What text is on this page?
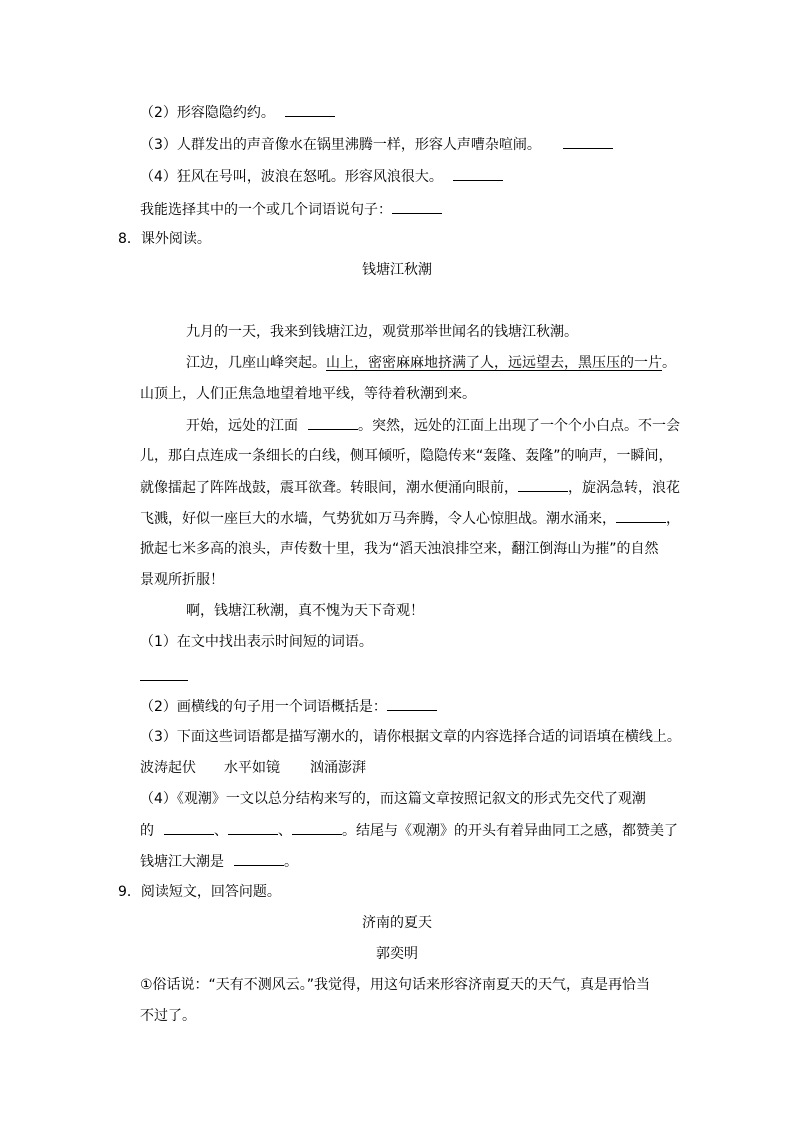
（2）形容隐隐约约。
（3）人群发出的声音像水在锅里沸腾一样，形容人声嘈杂喧闹。
（4）狂风在号叫，波浪在怒吼。形容风浪很大。
我能选择其中的一个或几个词语说句子：
8．课外阅读。
钱塘江秋潮
九月的一天，我来到钱塘江边，观赏那举世闻名的钱塘江秋潮。
江边，几座山峰突起。山上，密密麻麻地挤满了人，远远望去，黑压压的一片。
山顶上，人们正焦急地望着地平线，等待着秋潮到来。
开始，远处的江面	。突然，远处的江面上出现了一个个小白点。不一会
儿，那白点连成一条细长的白线，侧耳倾听，隐隐传来“轰隆、轰隆”的响声，一瞬间，
就像擂起了阵阵战鼓，震耳欲聋。转眼间，潮水便涌向眼前，	，旋涡急转，浪花
飞溅，好似一座巨大的水墙，气势犹如万马奔腾，令人心惊胆战。潮水涌来，	，
掀起七米多高的浪头，声传数十里，我为“滔天浊浪排空来，翻江倒海山为摧”的自然
景观所折服！
啊，钱塘江秋潮，真不愧为天下奇观！
（1）在文中找出表示时间短的词语。
（2）画横线的句子用一个词语概括是：
（3）下面这些词语都是描写潮水的，请你根据文章的内容选择合适的词语填在横线上。
波涛起伏 水平如镜 汹涌澎湃
（4）《观潮》一文以总分结构来写的，而这篇文章按照记叙文的形式先交代了观潮
的	、	、	。结尾与《观潮》的开头有着异曲同工之感，都赞美了
钱塘江大潮是	。
9．阅读短文，回答问题。
济南的夏天
郭奕明
①俗话说：“天有不测风云。”我觉得，用这句话来形容济南夏天的天气，真是再恰当
不过了。
